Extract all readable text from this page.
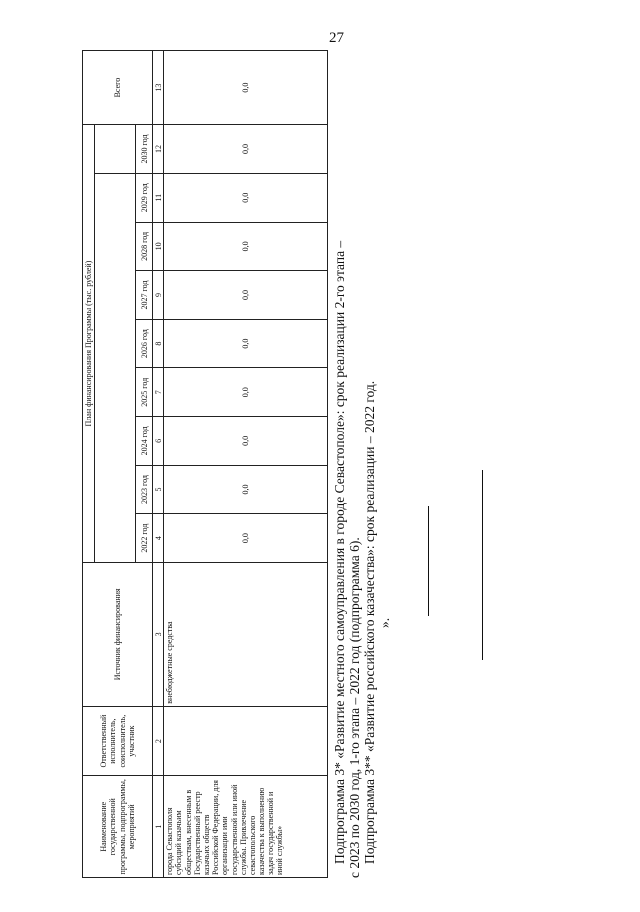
27
Наименование государственной программы, подпрограммы, мероприятий	Ответственный исполнитель, соисполнитель, участник	Источник финансирования	План финансирования Программы (тыс. рублей)									Всего

			2022 год	2023 год	2024 год	2025 год	2026 год	2027 год	2028 год	2029 год	2030 год	
1	2	3	4	5	6	7	8	9	10	11	12	13
города Севастополя субсидий казачьим обществам, внесенным в Государственный реестр казачьих обществ Российской Федерации, для организации ими государственной или иной службы. Привлечение севастопольского казачества к выполнению задач государственной и иной службы»		внебюджетные средства	0,0	0,0	0,0	0,0	0,0	0,0	0,0	0,0	0,0	0,0

Подпрограмма 3* «Развитие местного самоуправления в городе Севастополе»: срок реализации 2-го этапа – с 2023 по 2030 год, 1-го этапа – 2022 год (подпрограмма 6). Подпрограмма 3** «Развитие российского казачества»: срок реализации – 2022 год. ».
